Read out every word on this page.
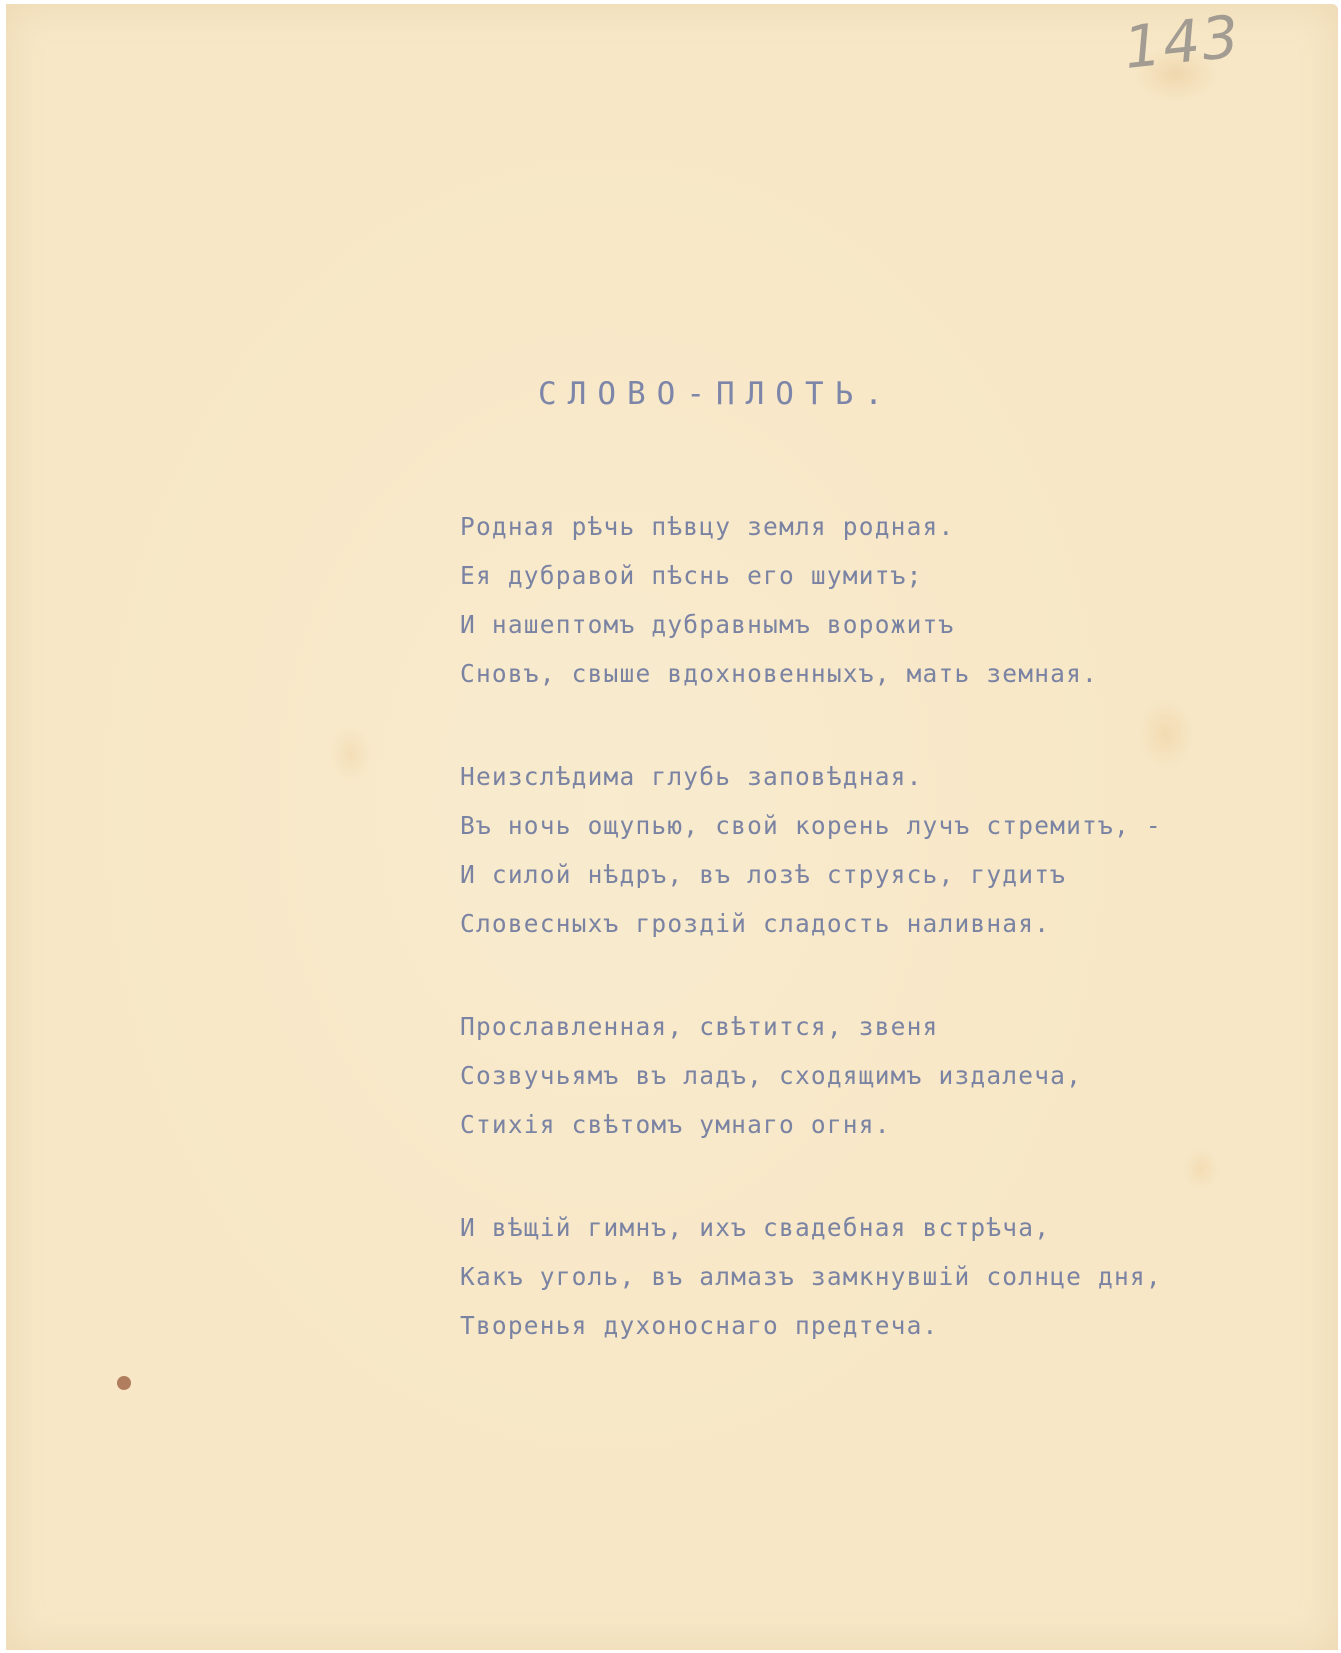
143
СЛОВО-ПЛОТЬ.
Родная рѣчь пѣвцу земля родная.
Ея дубравой пѣснь его шумитъ;
И нашептомъ дубравнымъ ворожитъ
Сновъ, свыше вдохновенныхъ, мать земная.
Неизслѣдима глубь заповѣдная.
Въ ночь ощупью, свой корень лучъ стремитъ, -
И силой нѣдръ, въ лозѣ струясь, гудитъ
Словесныхъ гроздій сладость наливная.
Прославленная, свѣтится, звеня
Созвучьямъ въ ладъ, сходящимъ издалеча,
Стихія свѣтомъ умнаго огня.
И вѣщій гимнъ, ихъ свадебная встрѣча,
Какъ уголь, въ алмазъ замкнувшій солнце дня,
Творенья духоноснаго предтеча.
